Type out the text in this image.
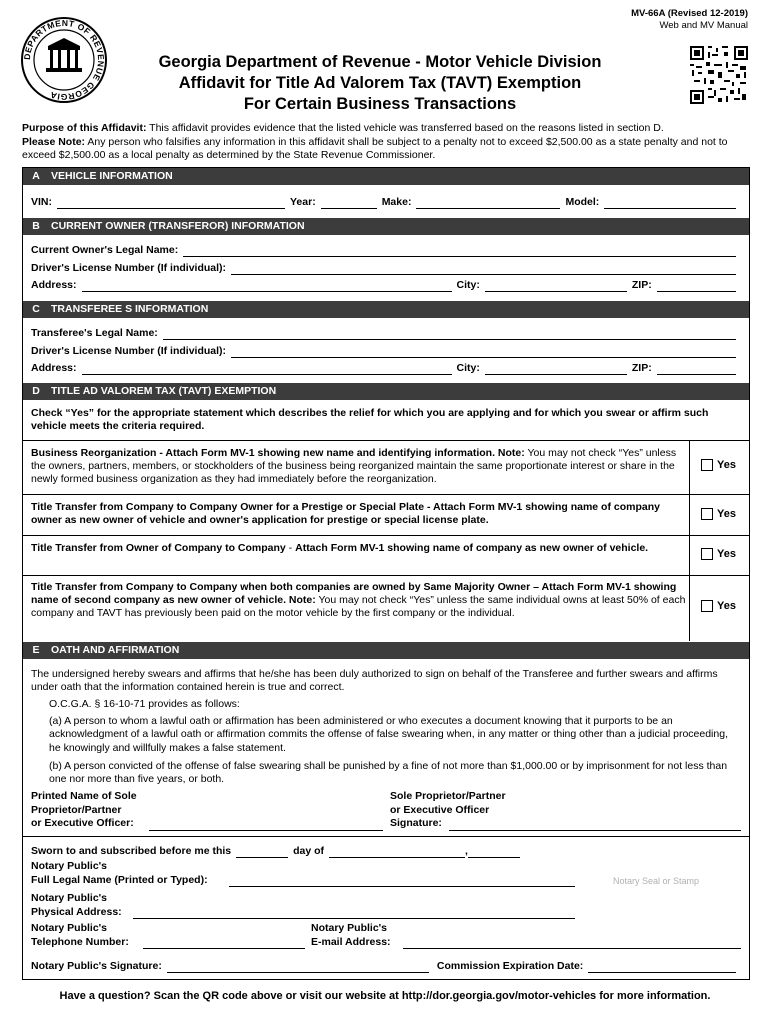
DEPARTMENT OF REVENUE GEORGIA
MV-66A (Revised 12-2019)
Web and MV Manual
Georgia Department of Revenue - Motor Vehicle Division
Affidavit for Title Ad Valorem Tax (TAVT) Exemption
For Certain Business Transactions
Purpose of this Affidavit: This affidavit provides evidence that the listed vehicle was transferred based on the reasons listed in section D.
Please Note: Any person who falsifies any information in this affidavit shall be subject to a penalty not to exceed $2,500.00 as a state penalty and not to exceed $2,500.00 as a local penalty as determined by the State Revenue Commissioner.
A VEHICLE INFORMATION
VIN:	Year:	Make:	Model:
B CURRENT OWNER (TRANSFEROR) INFORMATION
Current Owner's Legal Name:
Driver's License Number (If individual):
Address:	City:	ZIP:
C TRANSFEREE S INFORMATION
Transferee's Legal Name:
Driver's License Number (If individual):
Address:	City:	ZIP:
D TITLE AD VALOREM TAX (TAVT) EXEMPTION
Check “Yes” for the appropriate statement which describes the relief for which you are applying and for which you swear or affirm such vehicle meets the criteria required.
Business Reorganization - Attach Form MV-1 showing new name and identifying information. Note: You may not check “Yes” unless the owners, partners, members, or stockholders of the business being reorganized maintain the same proportionate interest or share in the newly formed business organization as they had immediately before the reorganization.
Yes
Title Transfer from Company to Company Owner for a Prestige or Special Plate - Attach Form MV-1 showing name of company owner as new owner of vehicle and owner's application for prestige or special license plate.
Yes
Title Transfer from Owner of Company to Company - Attach Form MV-1 showing name of company as new owner of vehicle.	Yes
Title Transfer from Company to Company when both companies are owned by Same Majority Owner – Attach Form MV-1 showing name of second company as new owner of vehicle. Note: You may not check “Yes” unless the same individual owns at least 50% of each company and TAVT has previously been paid on the motor vehicle by the first company or the individual.
Yes
E OATH AND AFFIRMATION
The undersigned hereby swears and affirms that he/she has been duly authorized to sign on behalf of the Transferee and further swears and affirms under oath that the information contained herein is true and correct.
O.C.G.A. § 16-10-71 provides as follows:
(a) A person to whom a lawful oath or affirmation has been administered or who executes a document knowing that it purports to be an acknowledgment of a lawful oath or affirmation commits the offense of false swearing when, in any matter or thing other than a judicial proceeding, he knowingly and willfully makes a false statement.
(b) A person convicted of the offense of false swearing shall be punished by a fine of not more than $1,000.00 or by imprisonment for not less than one nor more than five years, or both.
Printed Name of Sole
Proprietor/Partner
or Executive Officer:
Sole Proprietor/Partner
or Executive Officer
Signature:
Sworn to and subscribed before me this	day of	,
Notary Public's
Full Legal Name (Printed or Typed):	Notary Seal or Stamp
Notary Public's
Physical Address:
Notary Public's
Telephone Number:
Notary Public's
E-mail Address:
Notary Public's Signature:	Commission Expiration Date:
Have a question? Scan the QR code above or visit our website at http://dor.georgia.gov/motor-vehicles for more information.
